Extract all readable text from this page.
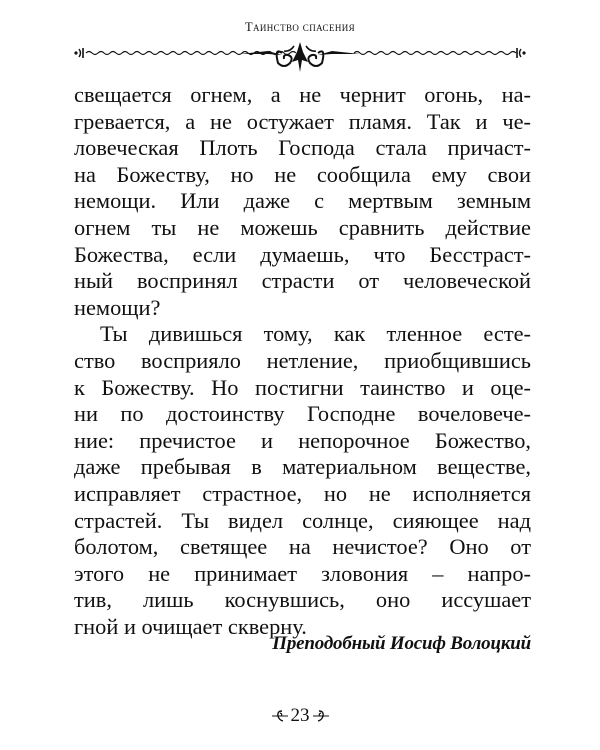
Таинство спасения
свещается огнем, а не чернит огонь, на-
гревается, а не остужает пламя. Так и че-
ловеческая Плоть Господа стала причаст-
на Божеству, но не сообщила ему свои
немощи. Или даже с мертвым земным
огнем ты не можешь сравнить действие
Божества, если думаешь, что Бесстраст-
ный воспринял страсти от человеческой
немощи?
Ты дивишься тому, как тленное есте-
ство восприяло нетление, приобщившись
к Божеству. Но постигни таинство и оце-
ни по достоинству Господне вочеловече-
ние: пречистое и непорочное Божество,
даже пребывая в материальном веществе,
исправляет страстное, но не исполняется
страстей. Ты видел солнце, сияющее над
болотом, светящее на нечистое? Оно от
этого не принимает зловония – напро-
тив, лишь коснувшись, оно иссушает
гной и очищает скверну.
Преподобный Иосиф Волоцкий
23
